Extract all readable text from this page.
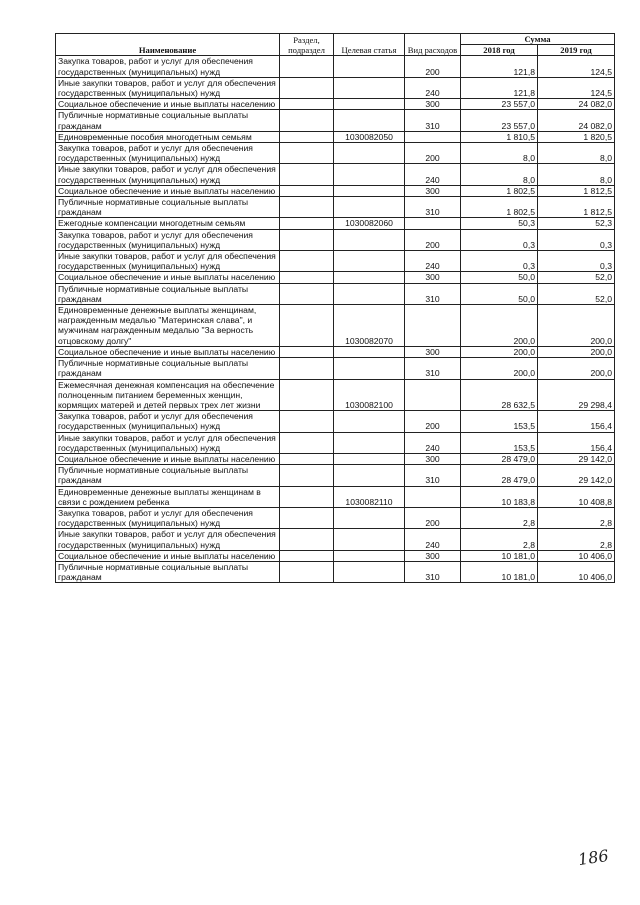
Наименование	Раздел, подраздел	Целевая статья	Вид расходов	Сумма	
				2018 год	2019 год
Закупка товаров, работ и услуг для обеспечения государственных (муниципальных) нужд			200	121,8	124,5
Иные закупки товаров, работ и услуг для обеспечения государственных (муниципальных) нужд			240	121,8	124,5
Социальное обеспечение и иные выплаты населению			300	23 557,0	24 082,0
Публичные нормативные социальные выплаты гражданам			310	23 557,0	24 082,0
Единовременные пособия многодетным семьям		1030082050		1 810,5	1 820,5
Закупка товаров, работ и услуг для обеспечения государственных (муниципальных) нужд			200	8,0	8,0
Иные закупки товаров, работ и услуг для обеспечения государственных (муниципальных) нужд			240	8,0	8,0
Социальное обеспечение и иные выплаты населению			300	1 802,5	1 812,5
Публичные нормативные социальные выплаты гражданам			310	1 802,5	1 812,5
Ежегодные компенсации многодетным семьям		1030082060		50,3	52,3
Закупка товаров, работ и услуг для обеспечения государственных (муниципальных) нужд			200	0,3	0,3
Иные закупки товаров, работ и услуг для обеспечения государственных (муниципальных) нужд			240	0,3	0,3
Социальное обеспечение и иные выплаты населению			300	50,0	52,0
Публичные нормативные социальные выплаты гражданам			310	50,0	52,0
Единовременные денежные выплаты женщинам, награжденным медалью "Материнская слава", и мужчинам награжденным медалью "За верность отцовскому долгу"		1030082070		200,0	200,0
Социальное обеспечение и иные выплаты населению			300	200,0	200,0
Публичные нормативные социальные выплаты гражданам			310	200,0	200,0
Ежемесячная денежная компенсация на обеспечение полноценным питанием беременных женщин, кормящих матерей и детей первых трех лет жизни		1030082100		28 632,5	29 298,4
Закупка товаров, работ и услуг для обеспечения государственных (муниципальных) нужд			200	153,5	156,4
Иные закупки товаров, работ и услуг для обеспечения государственных (муниципальных) нужд			240	153,5	156,4
Социальное обеспечение и иные выплаты населению			300	28 479,0	29 142,0
Публичные нормативные социальные выплаты гражданам			310	28 479,0	29 142,0
Единовременные денежные выплаты женщинам в связи с рождением ребенка		1030082110		10 183,8	10 408,8
Закупка товаров, работ и услуг для обеспечения государственных (муниципальных) нужд			200	2,8	2,8
Иные закупки товаров, работ и услуг для обеспечения государственных (муниципальных) нужд			240	2,8	2,8
Социальное обеспечение и иные выплаты населению			300	10 181,0	10 406,0
Публичные нормативные социальные выплаты гражданам			310	10 181,0	10 406,0
186
